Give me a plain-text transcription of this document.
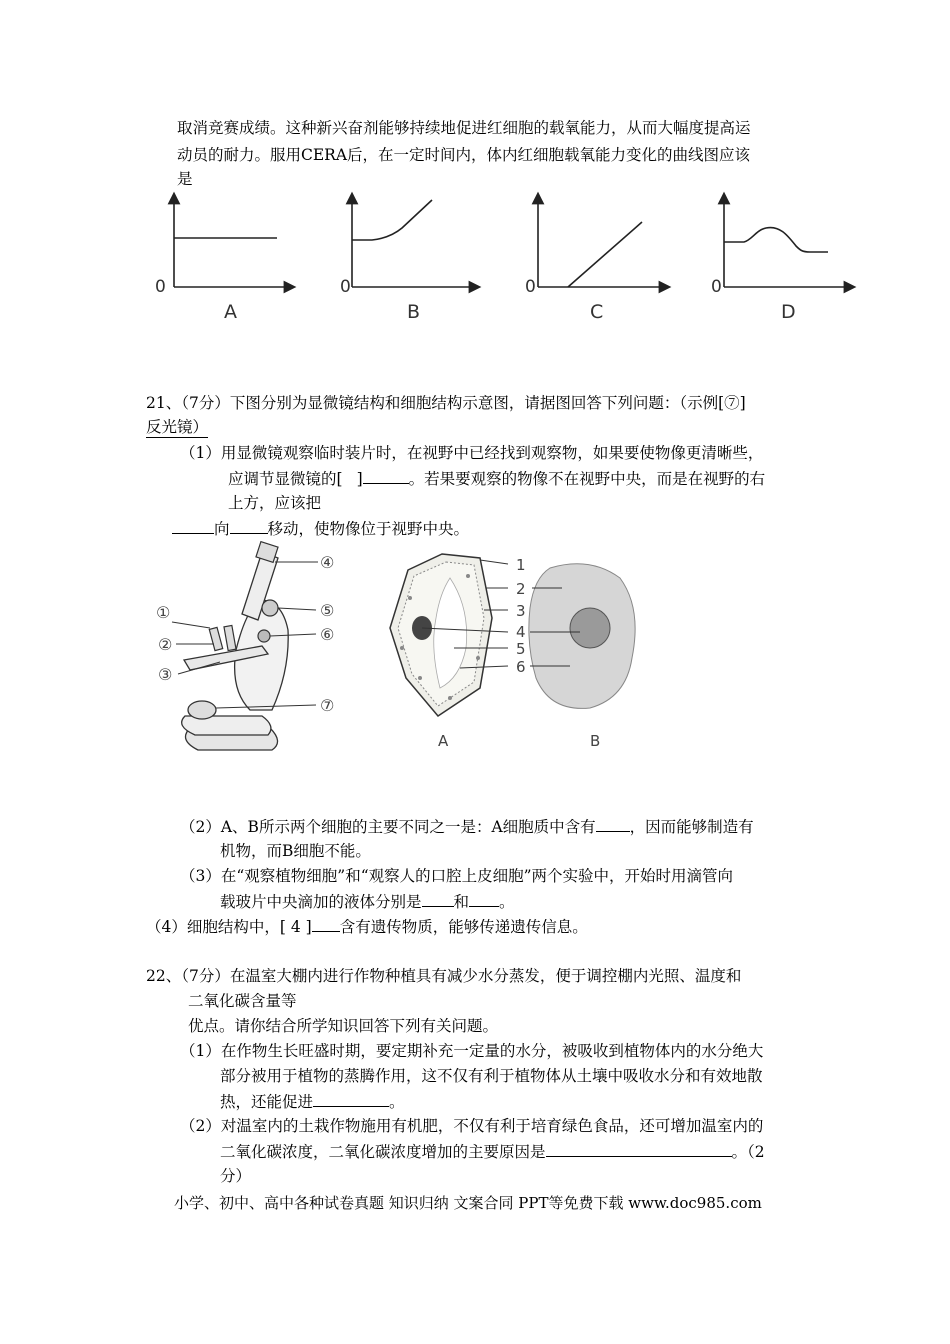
取消竞赛成绩。这种新兴奋剂能够持续地促进红细胞的载氧能力，从而大幅度提高运
动员的耐力。服用CERA后，在一定时间内，体内红细胞载氧能力变化的曲线图应该
是
0
A
0
B
0
C
0
D
21、（7分）下图分别为显微镜结构和细胞结构示意图，请据图回答下列问题：（示例[⑦]
反光镜）
（1）用显微镜观察临时装片时，在视野中已经找到观察物，如果要使物像更清晰些，
应调节显微镜的[ ]	。若果要观察的物像不在视野中央，而是在视野的右
上方，应该把
向 移动，使物像位于视野中央。
①
②
③
④
⑤
⑥
⑦
1
2
3
4
5
6
A	B
（2）A、B所示两个细胞的主要不同之一是：A细胞质中含有 ，因而能够制造有
机物，而B细胞不能。
（3）在“观察植物细胞”和“观察人的口腔上皮细胞”两个实验中，开始时用滴管向
载玻片中央滴加的液体分别是 和 。
（4）细胞结构中，[ 4 ] 含有遗传物质，能够传递遗传信息。
22、（7分）在温室大棚内进行作物种植具有减少水分蒸发，便于调控棚内光照、温度和
二氧化碳含量等
优点。请你结合所学知识回答下列有关问题。
（1）在作物生长旺盛时期，要定期补充一定量的水分，被吸收到植物体内的水分绝大
部分被用于植物的蒸腾作用，这不仅有利于植物体从土壤中吸收水分和有效地散
热，还能促进	。
（2）对温室内的土栽作物施用有机肥，不仅有利于培育绿色食品，还可增加温室内的
二氧化碳浓度，二氧化碳浓度增加的主要原因是	。（2
分）
小学、初中、高中各种试卷真题 知识归纳 文案合同 PPT等免费下载 www.doc985.com
